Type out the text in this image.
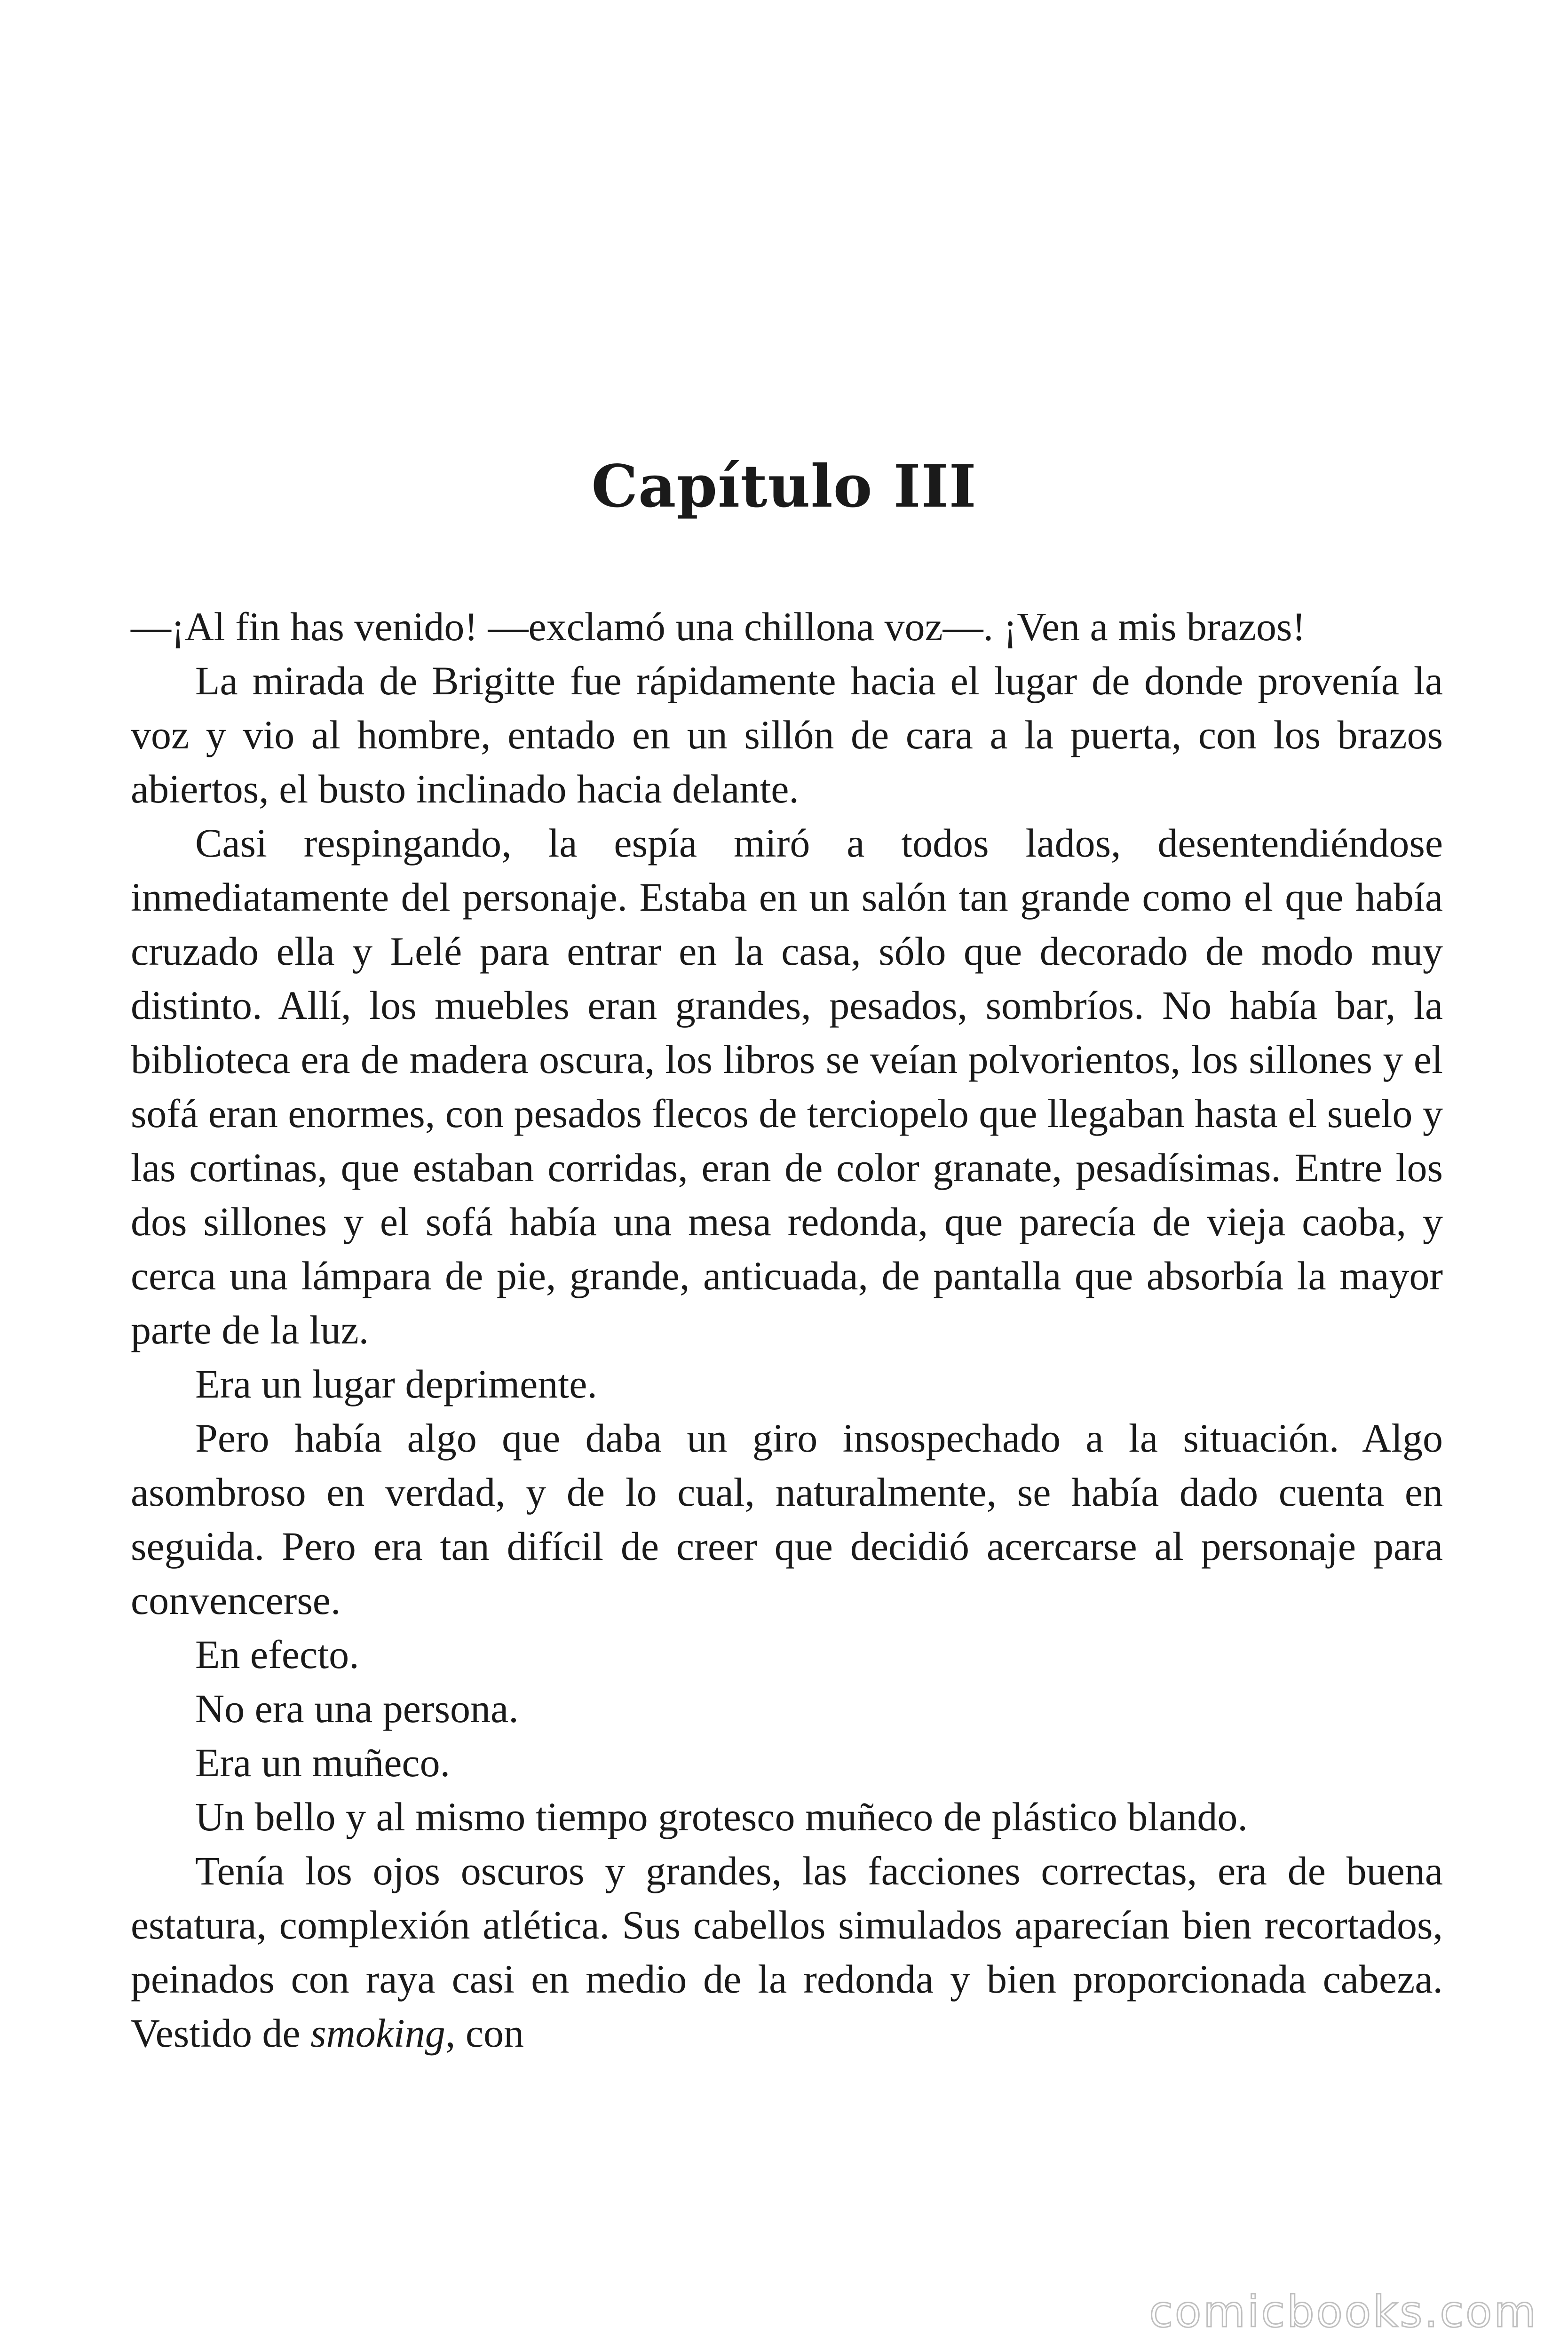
Capítulo III

—¡Al fin has venido! —exclamó una chillona voz—. ¡Ven a mis brazos!

La mirada de Brigitte fue rápidamente hacia el lugar de donde provenía la voz y vio al hombre, entado en un sillón de cara a la puerta, con los brazos abiertos, el busto inclinado hacia delante.

Casi respingando, la espía miró a todos lados, desentendiéndose inmediatamente del personaje. Estaba en un salón tan grande como el que había cruzado ella y Lelé para entrar en la casa, sólo que decorado de modo muy distinto. Allí, los muebles eran grandes, pesados, sombríos. No había bar, la biblioteca era de madera oscura, los libros se veían polvorientos, los sillones y el sofá eran enormes, con pesados flecos de terciopelo que llegaban hasta el suelo y las cortinas, que estaban corridas, eran de color granate, pesadísimas. Entre los dos sillones y el sofá había una mesa redonda, que parecía de vieja caoba, y cerca una lámpara de pie, grande, anticuada, de pantalla que absorbía la mayor parte de la luz.

Era un lugar deprimente.

Pero había algo que daba un giro insospechado a la situación. Algo asombroso en verdad, y de lo cual, naturalmente, se había dado cuenta en seguida. Pero era tan difícil de creer que decidió acercarse al personaje para convencerse.

En efecto.

No era una persona.

Era un muñeco.

Un bello y al mismo tiempo grotesco muñeco de plástico blando.

Tenía los ojos oscuros y grandes, las facciones correctas, era de buena estatura, complexión atlética. Sus cabellos simulados aparecían bien recortados, peinados con raya casi en medio de la redonda y bien proporcionada cabeza. Vestido de smoking, con

comicbooks.com
